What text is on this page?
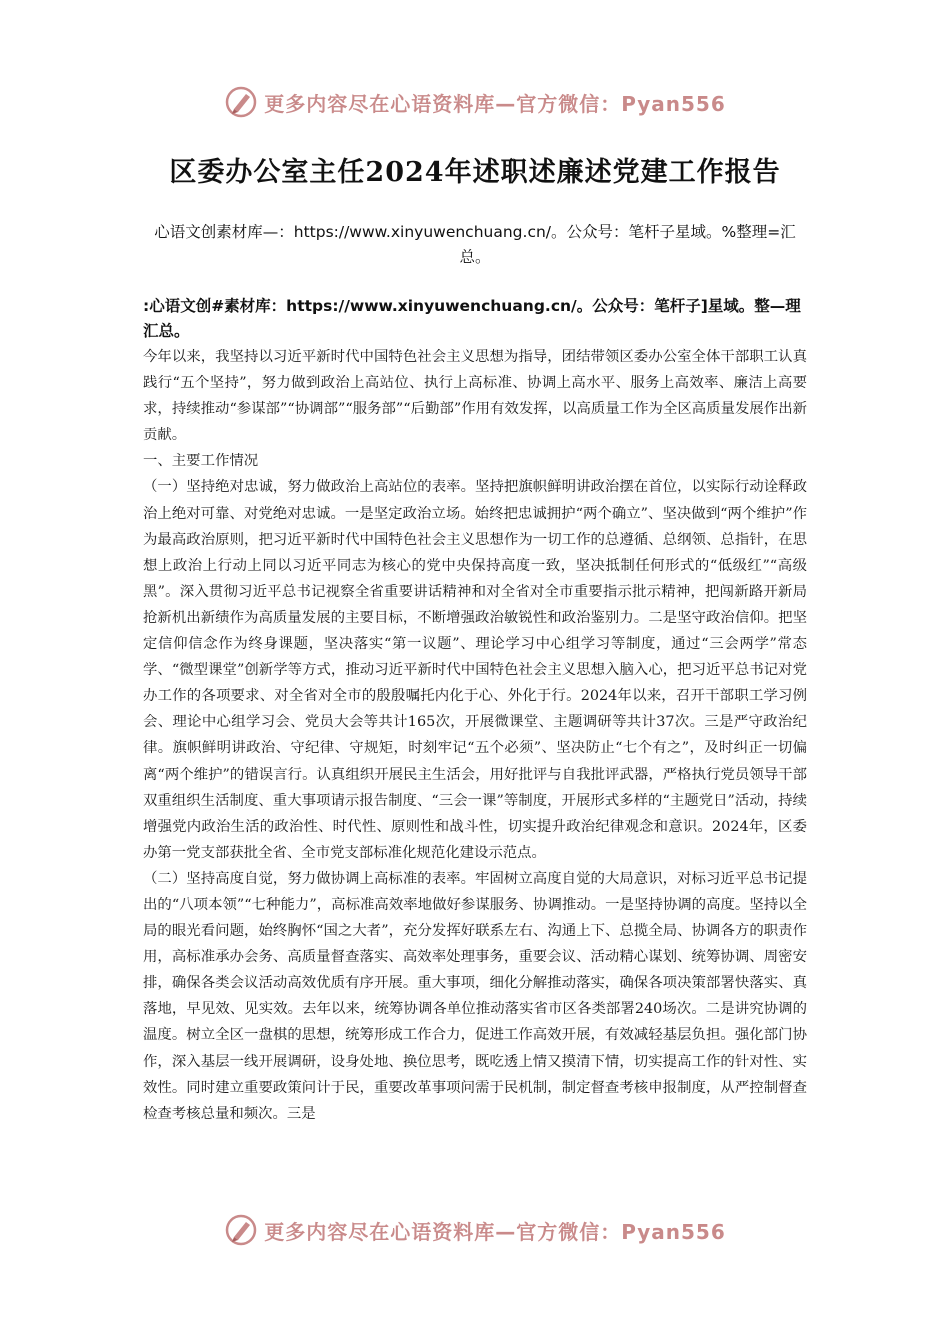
更多内容尽在心语资料库—官方微信：Pyan556
区委办公室主任2024年述职述廉述党建工作报告
心语文创素材库—：https://www.xinyuwenchuang.cn/。公众号：笔杆子星域。%整理=汇总。
:心语文创#素材库：https://www.xinyuwenchuang.cn/。公众号：笔杆子]星域。整—理汇总。

今年以来，我坚持以习近平新时代中国特色社会主义思想为指导，团结带领区委办公室全体干部职工认真践行“五个坚持”，努力做到政治上高站位、执行上高标准、协调上高水平、服务上高效率、廉洁上高要求，持续推动“参谋部”“协调部”“服务部”“后勤部”作用有效发挥，以高质量工作为全区高质量发展作出新贡献。

一、主要工作情况

（一）坚持绝对忠诚，努力做政治上高站位的表率。坚持把旗帜鲜明讲政治摆在首位，以实际行动诠释政治上绝对可靠、对党绝对忠诚。一是坚定政治立场。始终把忠诚拥护“两个确立”、坚决做到“两个维护”作为最高政治原则，把习近平新时代中国特色社会主义思想作为一切工作的总遵循、总纲领、总指针，在思想上政治上行动上同以习近平同志为核心的党中央保持高度一致，坚决抵制任何形式的“低级红”“高级黑”。深入贯彻习近平总书记视察全省重要讲话精神和对全省对全市重要指示批示精神，把闯新路开新局抢新机出新绩作为高质量发展的主要目标，不断增强政治敏锐性和政治鉴别力。二是坚守政治信仰。把坚定信仰信念作为终身课题，坚决落实“第一议题”、理论学习中心组学习等制度，通过“三会两学”常态学、“微型课堂”创新学等方式，推动习近平新时代中国特色社会主义思想入脑入心，把习近平总书记对党办工作的各项要求、对全省对全市的殷殷嘱托内化于心、外化于行。2024年以来，召开干部职工学习例会、理论中心组学习会、党员大会等共计165次，开展微课堂、主题调研等共计37次。三是严守政治纪律。旗帜鲜明讲政治、守纪律、守规矩，时刻牢记“五个必须”、坚决防止“七个有之”，及时纠正一切偏离“两个维护”的错误言行。认真组织开展民主生活会，用好批评与自我批评武器，严格执行党员领导干部双重组织生活制度、重大事项请示报告制度、“三会一课”等制度，开展形式多样的“主题党日”活动，持续增强党内政治生活的政治性、时代性、原则性和战斗性，切实提升政治纪律观念和意识。2024年，区委办第一党支部获批全省、全市党支部标准化规范化建设示范点。

（二）坚持高度自觉，努力做协调上高标准的表率。牢固树立高度自觉的大局意识，对标习近平总书记提出的“八项本领”“七种能力”，高标准高效率地做好参谋服务、协调推动。一是坚持协调的高度。坚持以全局的眼光看问题，始终胸怀“国之大者”，充分发挥好联系左右、沟通上下、总揽全局、协调各方的职责作用，高标准承办会务、高质量督查落实、高效率处理事务，重要会议、活动精心谋划、统筹协调、周密安排，确保各类会议活动高效优质有序开展。重大事项，细化分解推动落实，确保各项决策部署快落实、真落地，早见效、见实效。去年以来，统筹协调各单位推动落实省市区各类部署240场次。二是讲究协调的温度。树立全区一盘棋的思想，统筹形成工作合力，促进工作高效开展，有效减轻基层负担。强化部门协作，深入基层一线开展调研，设身处地、换位思考，既吃透上情又摸清下情，切实提高工作的针对性、实效性。同时建立重要政策问计于民，重要改革事项问需于民机制，制定督查考核申报制度，从严控制督查检查考核总量和频次。三是

更多内容尽在心语资料库—官方微信：Pyan556
